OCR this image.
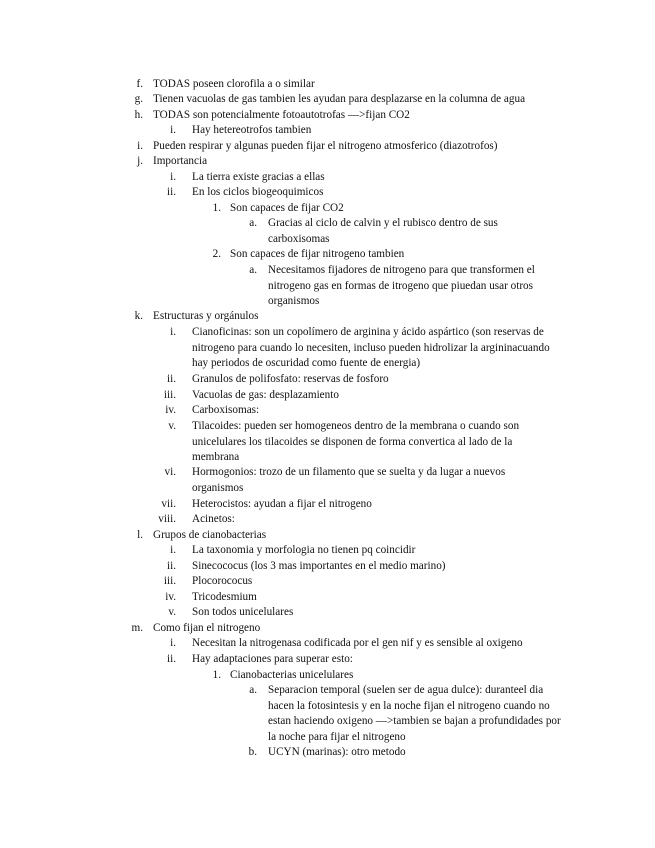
f. TODAS poseen clorofila a o similar
g. Tienen vacuolas de gas tambien les ayudan para desplazarse en la columna de agua
h. TODAS son potencialmente fotoautotrofas —>fijan CO2
i. Hay hetereotrofos tambien
i. Pueden respirar y algunas pueden fijar el nitrogeno atmosferico (diazotrofos)
j. Importancia
i. La tierra existe gracias a ellas
ii. En los ciclos biogeoquimicos
1. Son capaces de fijar CO2
a. Gracias al ciclo de calvin y el rubisco dentro de sus
carboxisomas
2. Son capaces de fijar nitrogeno tambien
a. Necesitamos fijadores de nitrogeno para que transformen el
nitrogeno gas en formas de itrogeno que piuedan usar otros
organismos
k. Estructuras y orgánulos
i. Cianoficinas: son un copolímero de arginina y ácido aspártico (son reservas de
nitrogeno para cuando lo necesiten, incluso pueden hidrolizar la argininacuando
hay periodos de oscuridad como fuente de energia)
ii. Granulos de polifosfato: reservas de fosforo
iii. Vacuolas de gas: desplazamiento
iv. Carboxisomas:
v. Tilacoides: pueden ser homogeneos dentro de la membrana o cuando son
unicelulares los tilacoides se disponen de forma convertica al lado de la
membrana
vi. Hormogonios: trozo de un filamento que se suelta y da lugar a nuevos
organismos
vii. Heterocistos: ayudan a fijar el nitrogeno
viii. Acinetos:
l. Grupos de cianobacterias
i. La taxonomia y morfologia no tienen pq coincidir
ii. Sinecococus (los 3 mas importantes en el medio marino)
iii. Plocorococus
iv. Tricodesmium
v. Son todos unicelulares
m. Como fijan el nitrogeno
i. Necesitan la nitrogenasa codificada por el gen nif y es sensible al oxigeno
ii. Hay adaptaciones para superar esto:
1. Cianobacterias unicelulares
a. Separacion temporal (suelen ser de agua dulce): duranteel dia
hacen la fotosintesis y en la noche fijan el nitrogeno cuando no
estan haciendo oxigeno —>tambien se bajan a profundidades por
la noche para fijar el nitrogeno
b. UCYN (marinas): otro metodo
